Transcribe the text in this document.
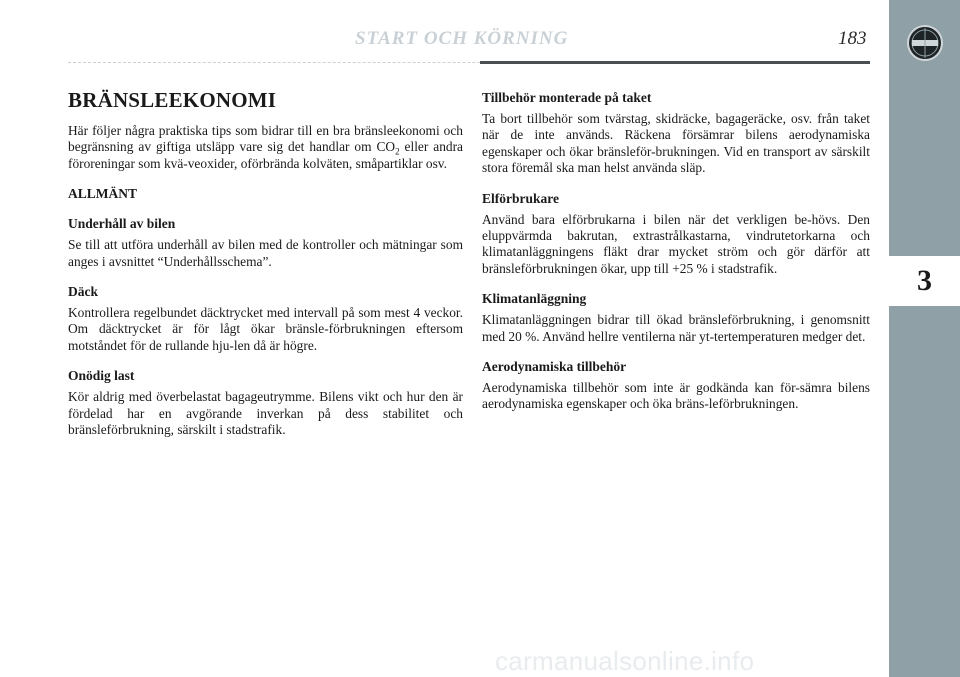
START OCH KÖRNING	183
3
BRÄNSLEEKONOMI

Här följer några praktiska tips som bidrar till en bra bränsleekonomi och begränsning av giftiga utsläpp vare sig det handlar om $CO_2$ eller andra föroreningar som kvä-veoxider, oförbrända kolväten, småpartiklar osv.

ALLMÄNT
Underhåll av bilen

Se till att utföra underhåll av bilen med de kontroller och mätningar som anges i avsnittet “Underhållsschema”.

Däck

Kontrollera regelbundet däcktrycket med intervall på som mest 4 veckor. Om däcktrycket är för lågt ökar bränsle-förbrukningen eftersom motståndet för de rullande hju-len då är högre.

Onödig last

Kör aldrig med överbelastat bagageutrymme. Bilens vikt och hur den är fördelad har en avgörande inverkan på dess stabilitet och bränsleförbrukning, särskilt i stadstrafik.

Tillbehör monterade på taket

Ta bort tillbehör som tvärstag, skidräcke, bagageräcke, osv. från taket när de inte används. Räckena försämrar bilens aerodynamiska egenskaper och ökar bränsleför-brukningen. Vid en transport av särskilt stora föremål ska man helst använda släp.

Elförbrukare

Använd bara elförbrukarna i bilen när det verkligen be-hövs. Den eluppvärmda bakrutan, extrastrålkastarna, vindrutetorkarna och klimatanläggningens fläkt drar mycket ström och gör därför att bränsleförbrukningen ökar, upp till +25 % i stadstrafik.

Klimatanläggning

Klimatanläggningen bidrar till ökad bränsleförbrukning, i genomsnitt med 20 %. Använd hellre ventilerna när yt-tertemperaturen medger det.

Aerodynamiska tillbehör

Aerodynamiska tillbehör som inte är godkända kan för-sämra bilens aerodynamiska egenskaper och öka bräns-leförbrukningen.

carmanualsonline.info
